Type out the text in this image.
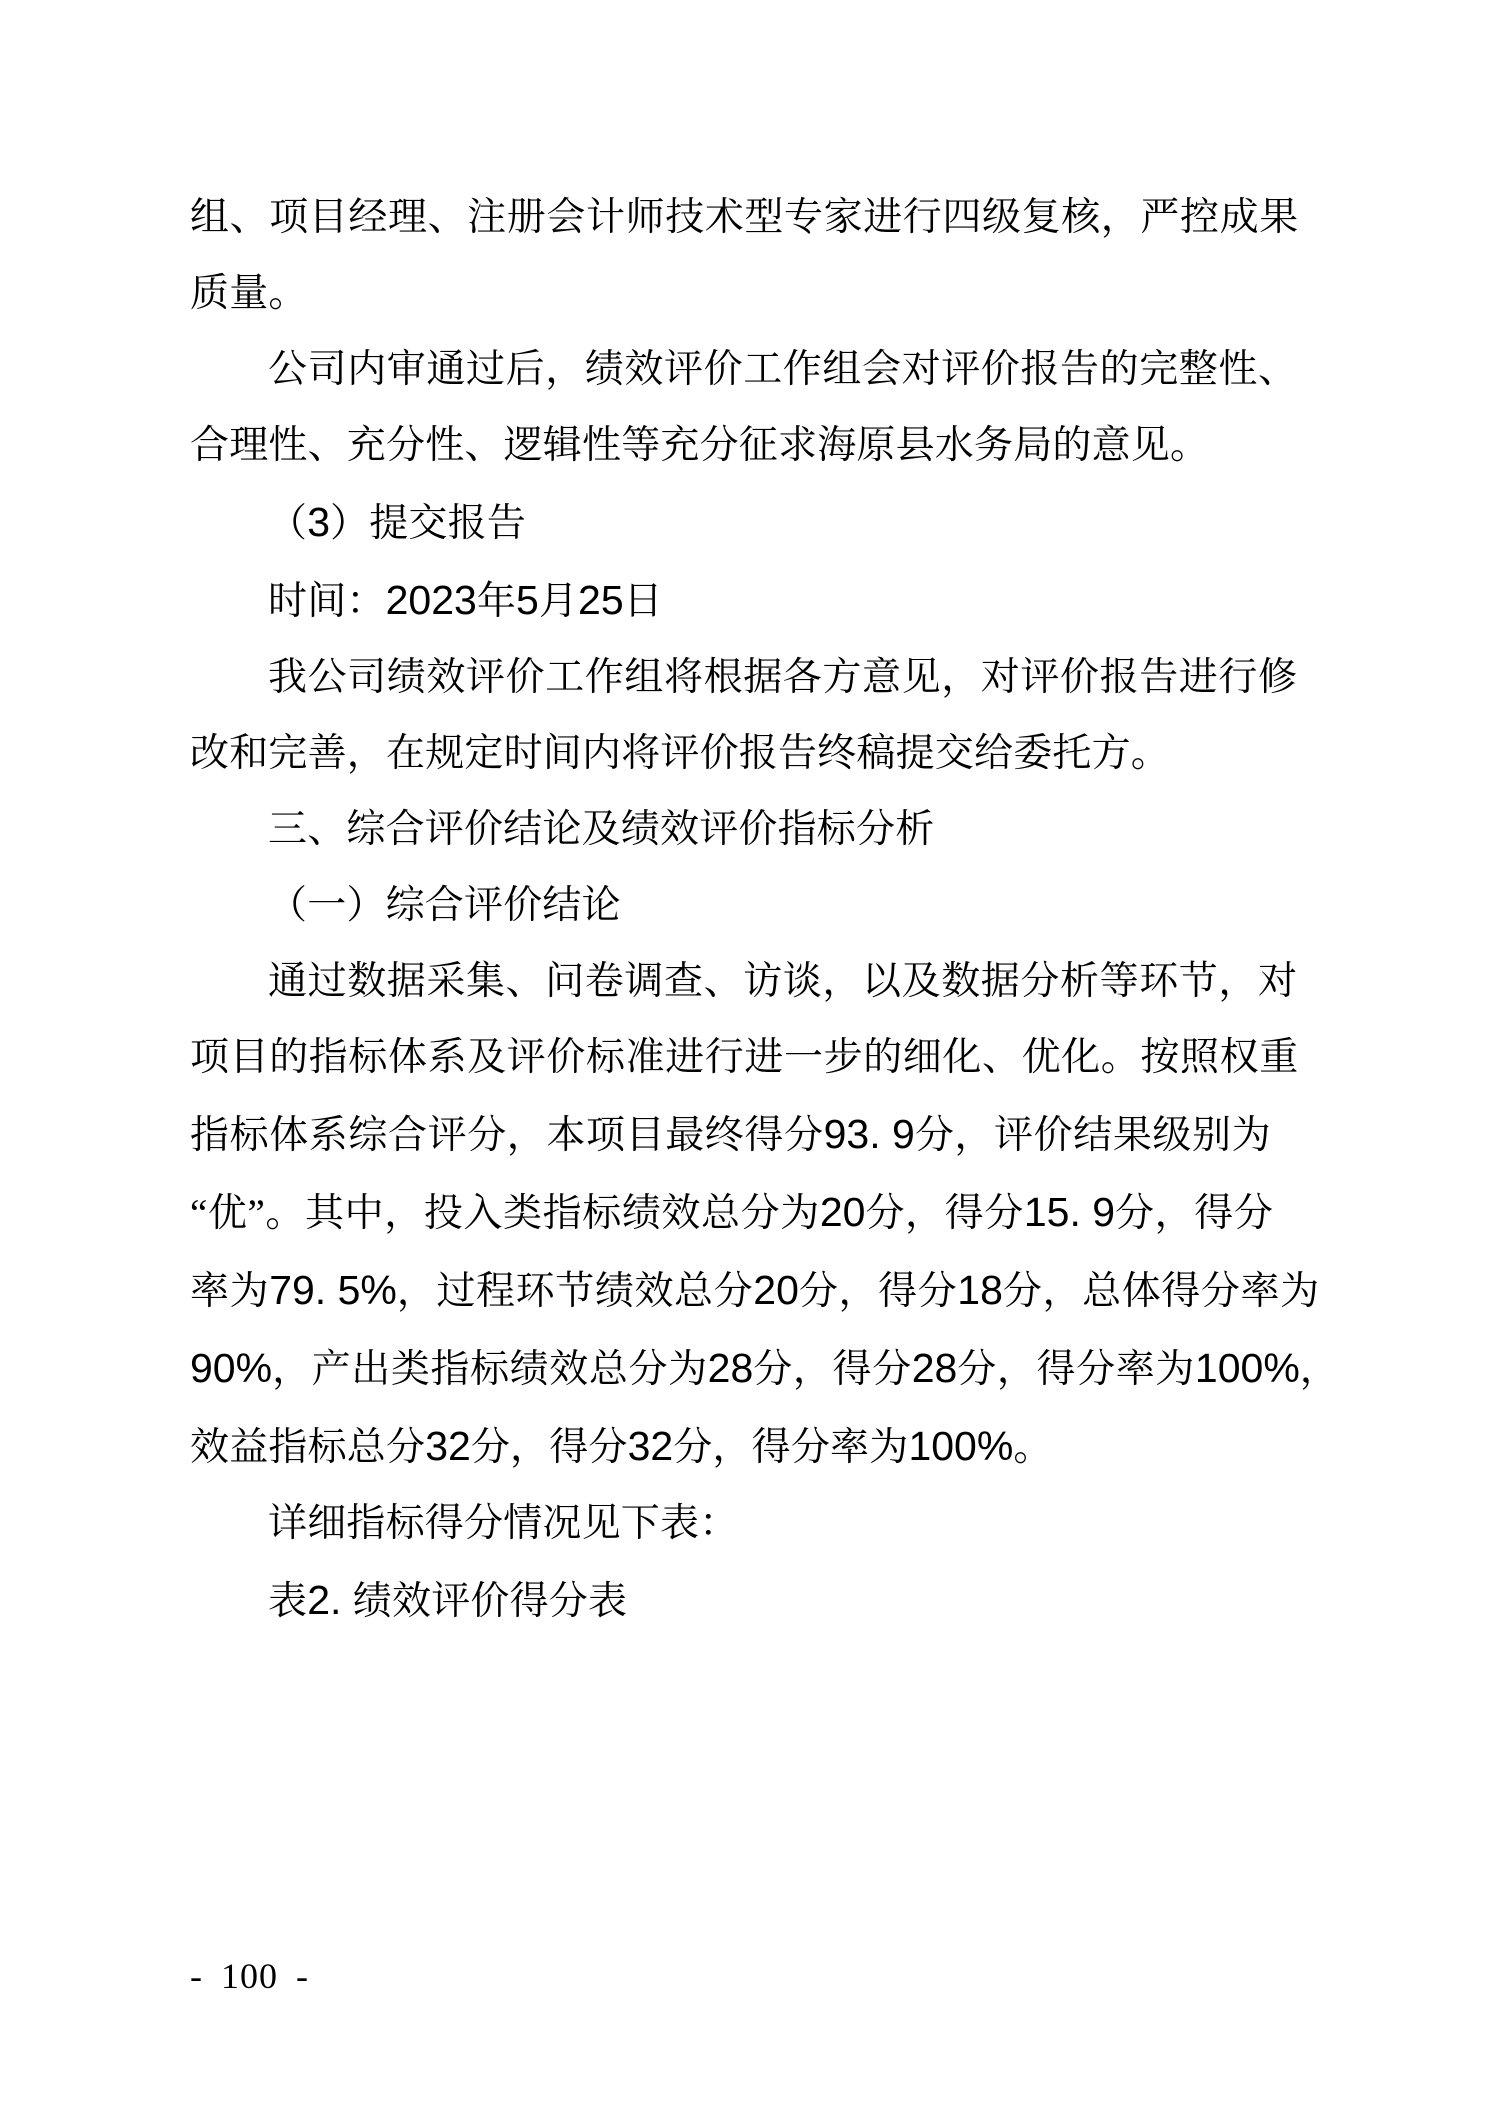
组、项目经理、注册会计师技术型专家进行四级复核，严控成果
质量。
公司内审通过后，绩效评价工作组会对评价报告的完整性、
合理性、充分性、逻辑性等充分征求海原县水务局的意见。
（3）提交报告
时间：2023年5月25日
我公司绩效评价工作组将根据各方意见，对评价报告进行修
改和完善，在规定时间内将评价报告终稿提交给委托方。
三、综合评价结论及绩效评价指标分析
（一）综合评价结论
通过数据采集、问卷调查、访谈，以及数据分析等环节，对
项目的指标体系及评价标准进行进一步的细化、优化。按照权重
指标体系综合评分，本项目最终得分93. 9分，评价结果级别为
“优”。其中，投入类指标绩效总分为20分，得分15. 9分，得分
率为79. 5%，过程环节绩效总分20分，得分18分，总体得分率为
90%，产出类指标绩效总分为28分，得分28分，得分率为100%，
效益指标总分32分，得分32分，得分率为100%。
详细指标得分情况见下表：
表2. 绩效评价得分表
- 100 -
